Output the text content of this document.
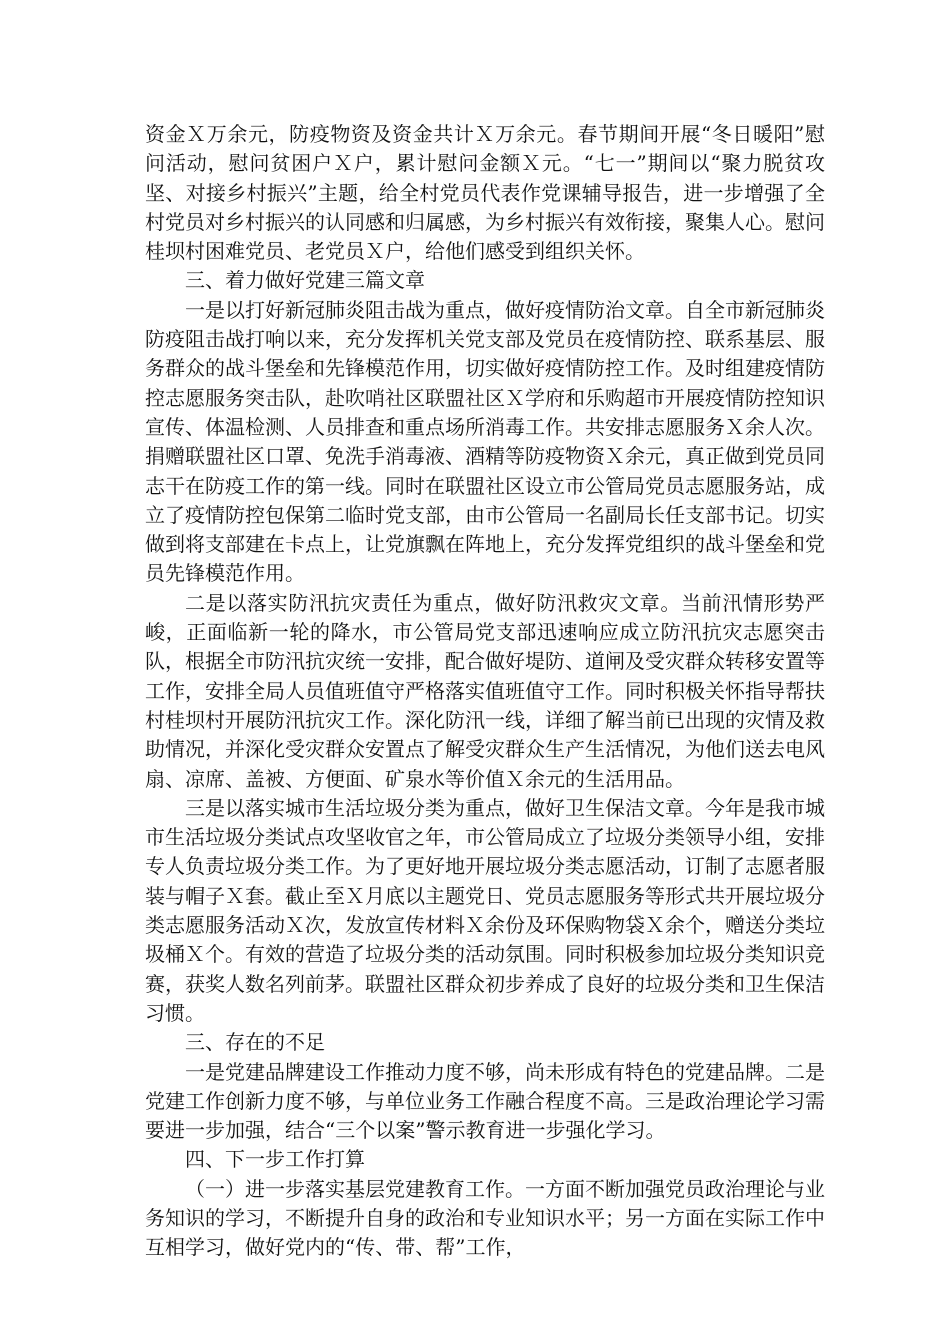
资金Ｘ万余元，防疫物资及资金共计Ｘ万余元。春节期间开展“冬日暖阳”慰问活动，慰问贫困户Ｘ户，累计慰问金额Ｘ元。“七一”期间以“聚力脱贫攻坚、对接乡村振兴”主题，给全村党员代表作党课辅导报告，进一步增强了全村党员对乡村振兴的认同感和归属感，为乡村振兴有效衔接，聚集人心。慰问桂坝村困难党员、老党员Ｘ户，给他们感受到组织关怀。

三、着力做好党建三篇文章

一是以打好新冠肺炎阻击战为重点，做好疫情防治文章。自全市新冠肺炎防疫阻击战打响以来，充分发挥机关党支部及党员在疫情防控、联系基层、服务群众的战斗堡垒和先锋模范作用，切实做好疫情防控工作。及时组建疫情防控志愿服务突击队，赴吹哨社区联盟社区Ｘ学府和乐购超市开展疫情防控知识宣传、体温检测、人员排查和重点场所消毒工作。共安排志愿服务Ｘ余人次。捐赠联盟社区口罩、免洗手消毒液、酒精等防疫物资Ｘ余元，真正做到党员同志干在防疫工作的第一线。同时在联盟社区设立市公管局党员志愿服务站，成立了疫情防控包保第二临时党支部，由市公管局一名副局长任支部书记。切实做到将支部建在卡点上，让党旗飘在阵地上，充分发挥党组织的战斗堡垒和党员先锋模范作用。

二是以落实防汛抗灾责任为重点，做好防汛救灾文章。当前汛情形势严峻，正面临新一轮的降水，市公管局党支部迅速响应成立防汛抗灾志愿突击队，根据全市防汛抗灾统一安排，配合做好堤防、道闸及受灾群众转移安置等工作，安排全局人员值班值守严格落实值班值守工作。同时积极关怀指导帮扶村桂坝村开展防汛抗灾工作。深化防汛一线，详细了解当前已出现的灾情及救助情况，并深化受灾群众安置点了解受灾群众生产生活情况，为他们送去电风扇、凉席、盖被、方便面、矿泉水等价值Ｘ余元的生活用品。

三是以落实城市生活垃圾分类为重点，做好卫生保洁文章。今年是我市城市生活垃圾分类试点攻坚收官之年，市公管局成立了垃圾分类领导小组，安排专人负责垃圾分类工作。为了更好地开展垃圾分类志愿活动，订制了志愿者服装与帽子Ｘ套。截止至Ｘ月底以主题党日、党员志愿服务等形式共开展垃圾分类志愿服务活动Ｘ次，发放宣传材料Ｘ余份及环保购物袋Ｘ余个，赠送分类垃圾桶Ｘ个。有效的营造了垃圾分类的活动氛围。同时积极参加垃圾分类知识竞赛，获奖人数名列前茅。联盟社区群众初步养成了良好的垃圾分类和卫生保洁习惯。

三、存在的不足

一是党建品牌建设工作推动力度不够，尚未形成有特色的党建品牌。二是党建工作创新力度不够，与单位业务工作融合程度不高。三是政治理论学习需要进一步加强，结合“三个以案”警示教育进一步强化学习。

四、下一步工作打算

（一）进一步落实基层党建教育工作。一方面不断加强党员政治理论与业务知识的学习，不断提升自身的政治和专业知识水平；另一方面在实际工作中互相学习，做好党内的“传、带、帮”工作，
